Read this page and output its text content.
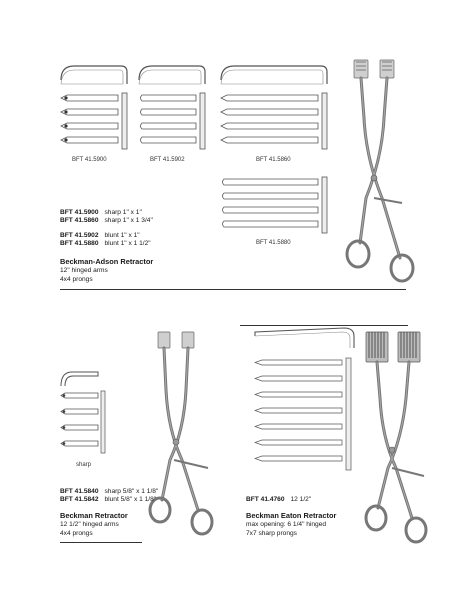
BFT 41.5900	BFT 41.5902	BFT 41.5860
BFT 41.5880
BFT 41.5900 sharp 1" x 1"
BFT 41.5860 sharp 1" x 1 3/4"
BFT 41.5902 blunt 1" x 1"
BFT 41.5880 blunt 1" x 1 1/2"
Beckman-Adson Retractor
12" hinged arms
4x4 prongs
sharp
BFT 41.5840 sharp 5/8" x 1 1/8"
BFT 41.5842 blunt 5/8" x 1 1/8"
Beckman Retractor
12 1/2" hinged arms
4x4 prongs
BFT 41.4760 12 1/2"
Beckman Eaton Retractor
max opening: 6 1/4" hinged
7x7 sharp prongs
